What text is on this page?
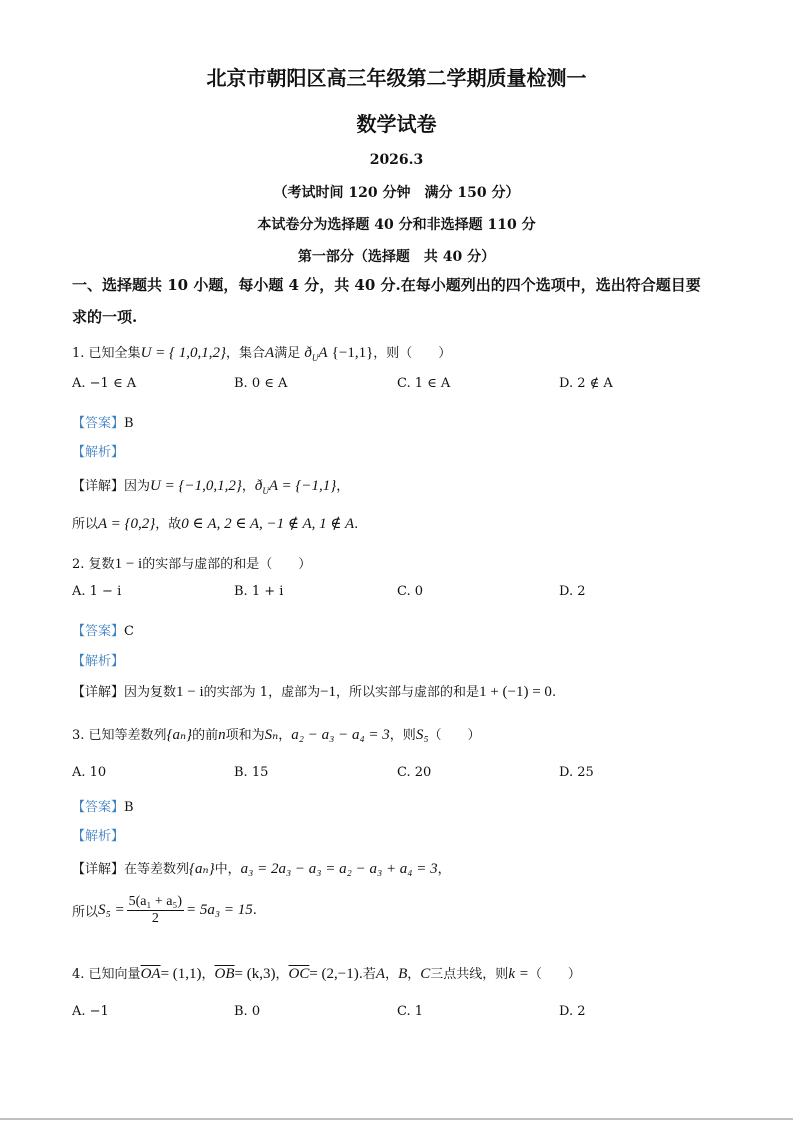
北京市朝阳区高三年级第二学期质量检测一
数学试卷
2026.3
（考试时间 120 分钟　满分 150 分）
本试卷分为选择题 40 分和非选择题 110 分
第一部分（选择题　共 40 分）
一、选择题共 10 小题，每小题 4 分，共 40 分.在每小题列出的四个选项中，选出符合题目要
求的一项.
1. 已知全集U = { 1,0,1,2}，集合A满足 $ð_UA$ {−1,1}，则（　　）
A. −1 ∈ A	B. 0 ∈ A	C. 1 ∈ A	D. 2 ∉ A
【答案】B
【解析】
【详解】因为U = {−1,0,1,2}，$ð_UA = \{-1,1\}$，
所以A = {0,2}，故0 ∈ A, 2 ∈ A, −1 ∉ A, 1 ∉ A.
2. 复数1 − i的实部与虚部的和是（　　）
A. 1 − i	B. 1 + i	C. 0	D. 2
【答案】C
【解析】
【详解】因为复数1 − i的实部为 1，虚部为−1，所以实部与虚部的和是1 + (−1) = 0.
3. 已知等差数列{aₙ}的前n项和为Sₙ，a₂ − a₃ − a₄ = 3，则S₅（　　）
A. 10	B. 15	C. 20	D. 25
【答案】B
【解析】
【详解】在等差数列{aₙ}中，a₃ = 2a₃ − a₃ = a₂ − a₃ + a₄ = 3，
所以$S_5 = \frac{\text{5(a₁ + a₅)}}{2} = 5a_3 = 15$.
4. 已知向量$\overline{OA}= (1,1)$，$\overline{OB}= (k,3)$，$\overline{OC}= (2,-1)$.若A，B，C三点共线，则k =（　　）
A. −1	B. 0	C. 1	D. 2
